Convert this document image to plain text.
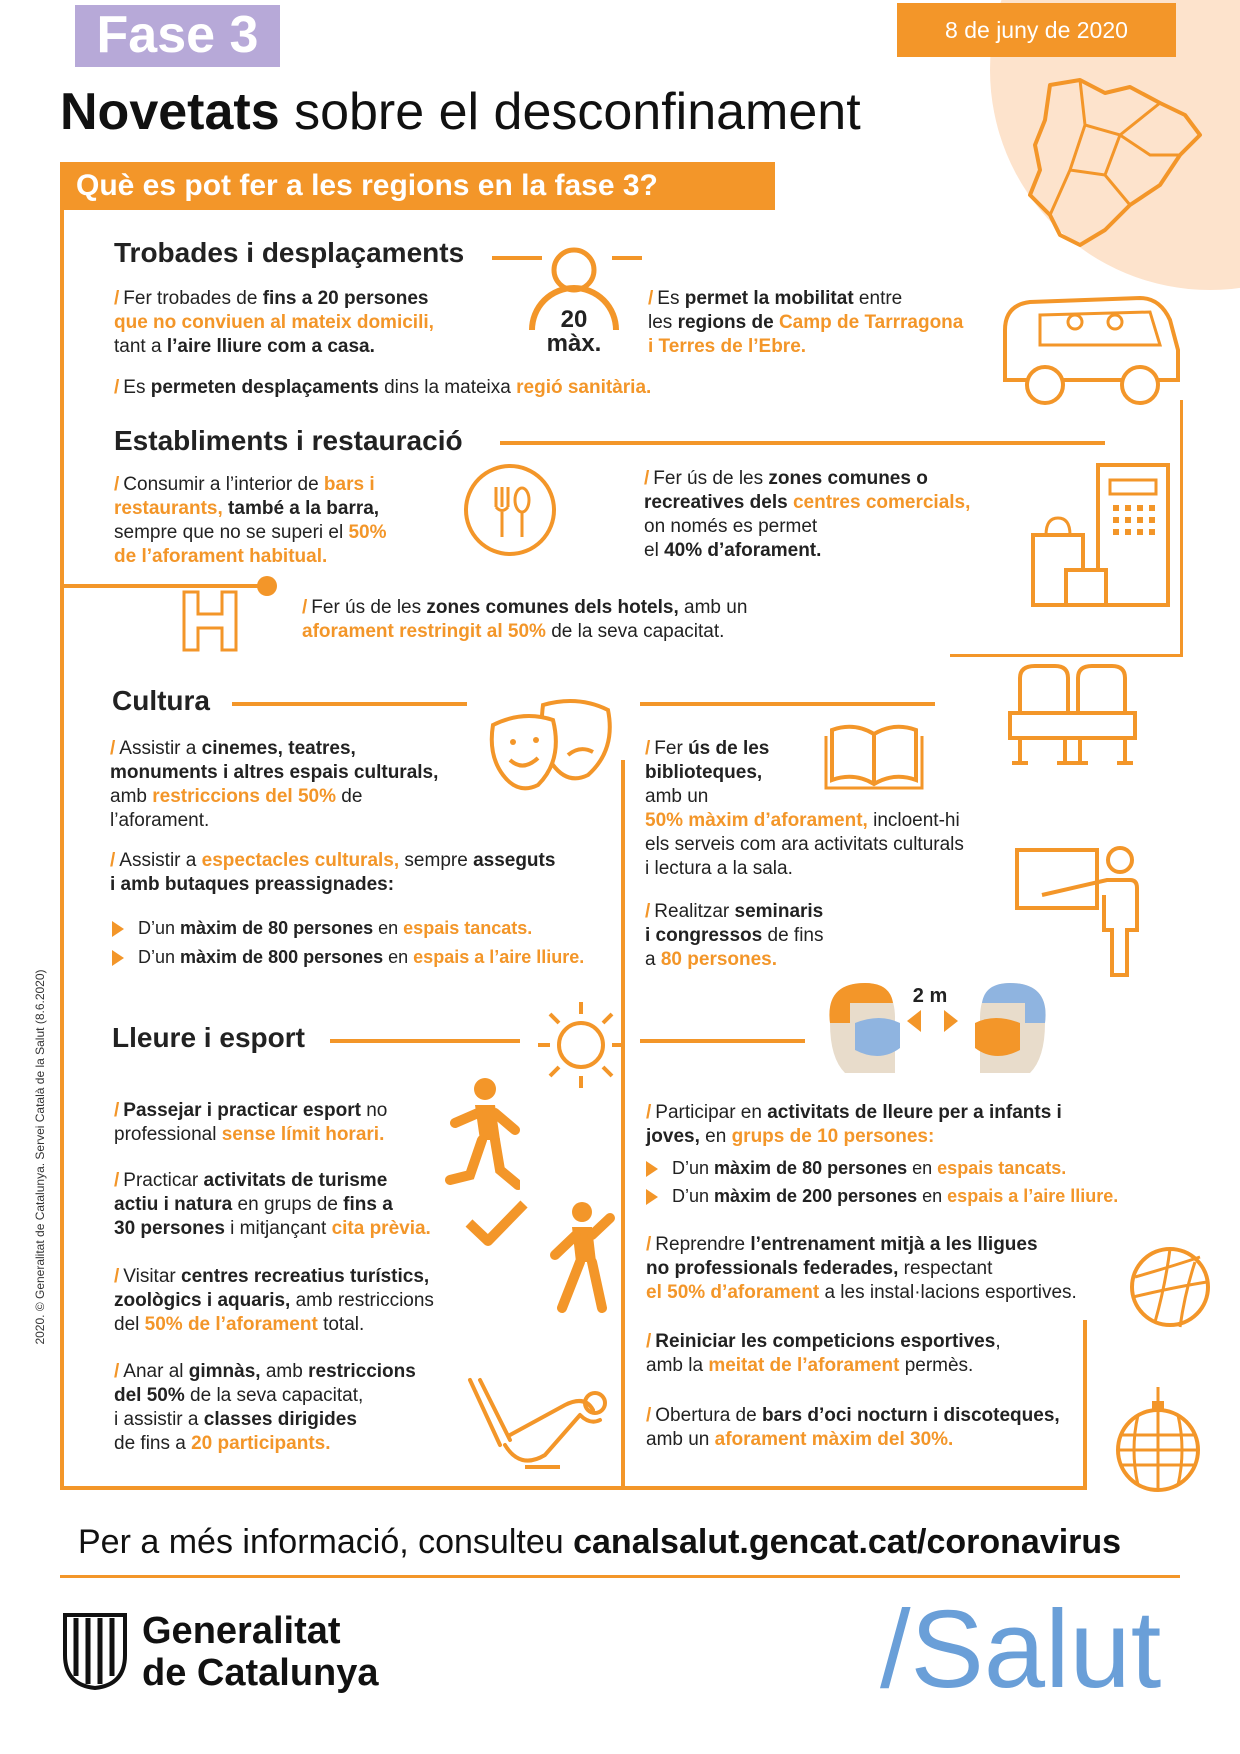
Fase 3	8 de juny de 2020
Novetats sobre el desconfinament
Què es pot fer a les regions en la fase 3?
Trobades i desplaçaments
20
màx.
/ Fer trobades de fins a 20 persones
que no conviuen al mateix domicili,
tant a l’aire lliure com a casa.
/ Es permet la mobilitat entre
les regions de Camp de Tarrragona
i Terres de l’Ebre.
/ Es permeten desplaçaments dins la mateixa regió sanitària.
Establiments i restauració
/ Consumir a l’interior de bars i
restaurants, també a la barra,
sempre que no se superi el 50%
de l’aforament habitual.
/ Fer ús de les zones comunes o
recreatives dels centres comercials,
on només es permet
el 40% d’aforament.
/ Fer ús de les zones comunes dels hotels, amb un
aforament restringit al 50% de la seva capacitat.
Cultura
/ Assistir a cinemes, teatres,
monuments i altres espais culturals,
amb restriccions del 50% de
l’aforament.
/ Assistir a espectacles culturals, sempre asseguts
i amb butaques preassignades:
D’un màxim de 80 persones en espais tancats.
D’un màxim de 800 persones en espais a l’aire lliure.
/ Fer ús de les
biblioteques,
amb un
50% màxim d’aforament, incloent-hi
els serveis com ara activitats culturals
i lectura a la sala.
/ Realitzar seminaris
i congressos de fins
a 80 persones.
2 m
Lleure i esport
/ Passejar i practicar esport no
professional sense límit horari.
/ Practicar activitats de turisme
actiu i natura en grups de fins a
30 persones i mitjançant cita prèvia.
/ Visitar centres recreatius turístics,
zoològics i aquaris, amb restriccions
del 50% de l’aforament total.
/ Anar al gimnàs, amb restriccions
del 50% de la seva capacitat,
i assistir a classes dirigides
de fins a 20 participants.
/ Participar en activitats de lleure per a infants i
joves, en grups de 10 persones:
D’un màxim de 80 persones en espais tancats.
D’un màxim de 200 persones en espais a l’aire lliure.
/ Reprendre l’entrenament mitjà a les lligues
no professionals federades, respectant
el 50% d’aforament a les instal·lacions esportives.
/ Reiniciar les competicions esportives,
amb la meitat de l’aforament permès.
/ Obertura de bars d’oci nocturn i discoteques,
amb un aforament màxim del 30%.
2020. © Generalitat de Catalunya. Servei Català de la Salut (8.6.2020)
Per a més informació, consulteu canalsalut.gencat.cat/coronavirus
Generalitat
de Catalunya	/Salut
